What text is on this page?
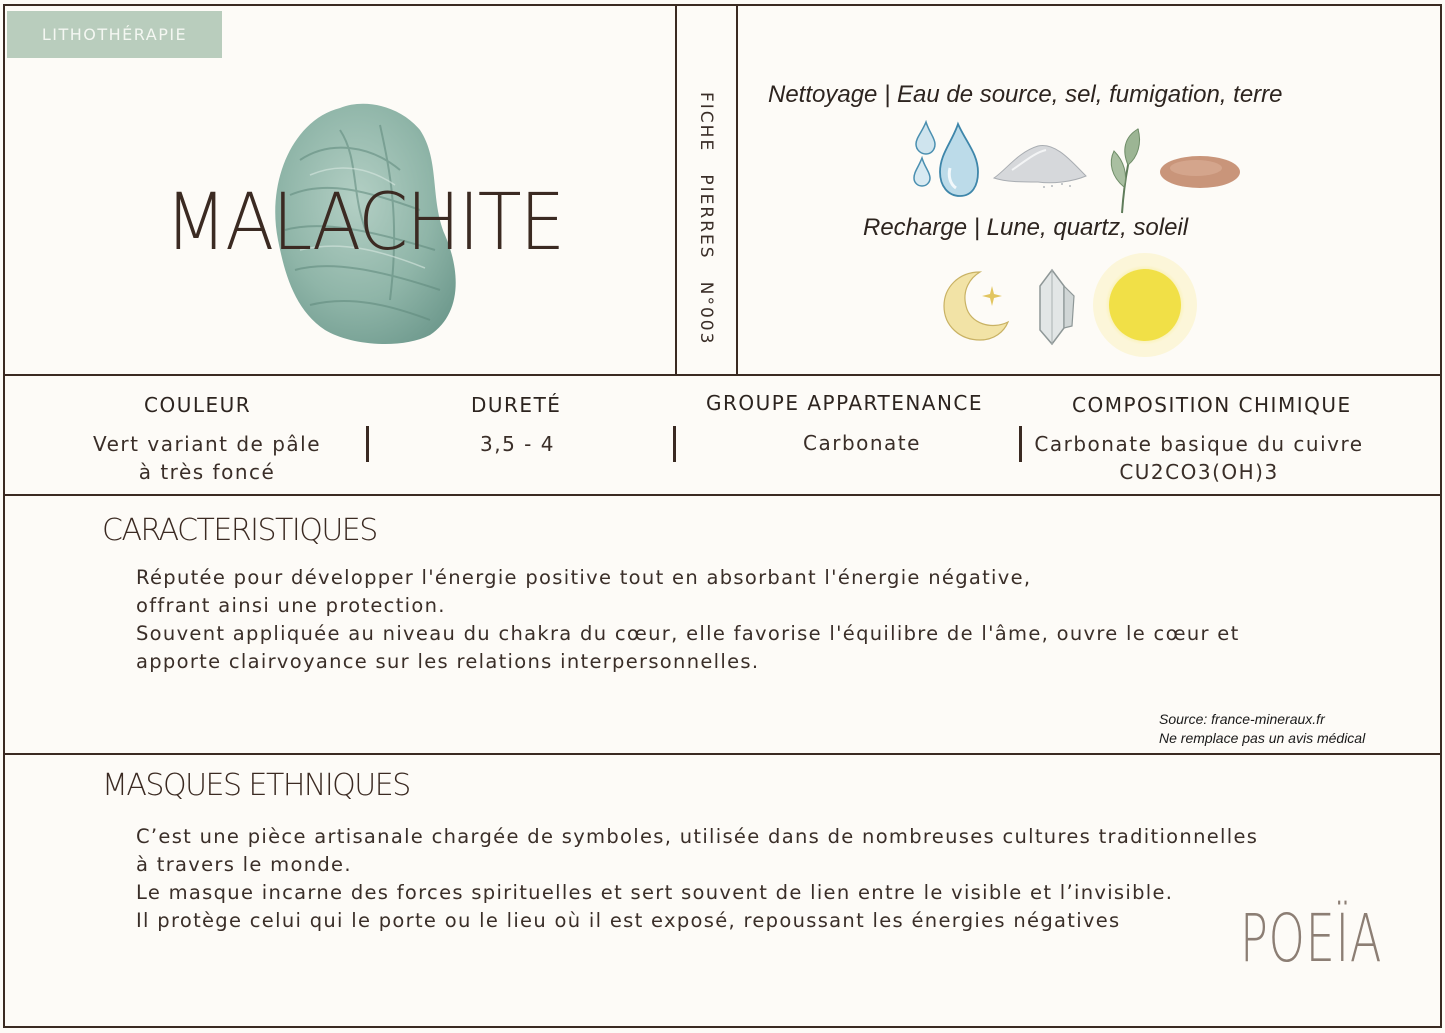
LITHOTHÉRAPIE
MALACHITE	FICHE   PIERRES   N°003 Nettoyage | Eau de source, sel, fumigation, terre
Recharge | Lune, quartz, soleil
COULEUR
Vert variant de pâle
à très foncé
DURETÉ
3,5 - 4
GROUPE APPARTENANCE
Carbonate
COMPOSITION CHIMIQUE
Carbonate basique du cuivre
CU2CO3(OH)3
CARACTERISTIQUES
Réputée pour développer l'énergie positive tout en absorbant l'énergie négative,
offrant ainsi une protection.
Souvent appliquée au niveau du chakra du cœur, elle favorise l'équilibre de l'âme, ouvre le cœur et
apporte clairvoyance sur les relations interpersonnelles.
Source: france-mineraux.fr
Ne remplace pas un avis médical
MASQUES ETHNIQUES
C’est une pièce artisanale chargée de symboles, utilisée dans de nombreuses cultures traditionnelles
à travers le monde.
Le masque incarne des forces spirituelles et sert souvent de lien entre le visible et l’invisible.
Il protège celui qui le porte ou le lieu où il est exposé, repoussant les énergies négatives	POEÏA
